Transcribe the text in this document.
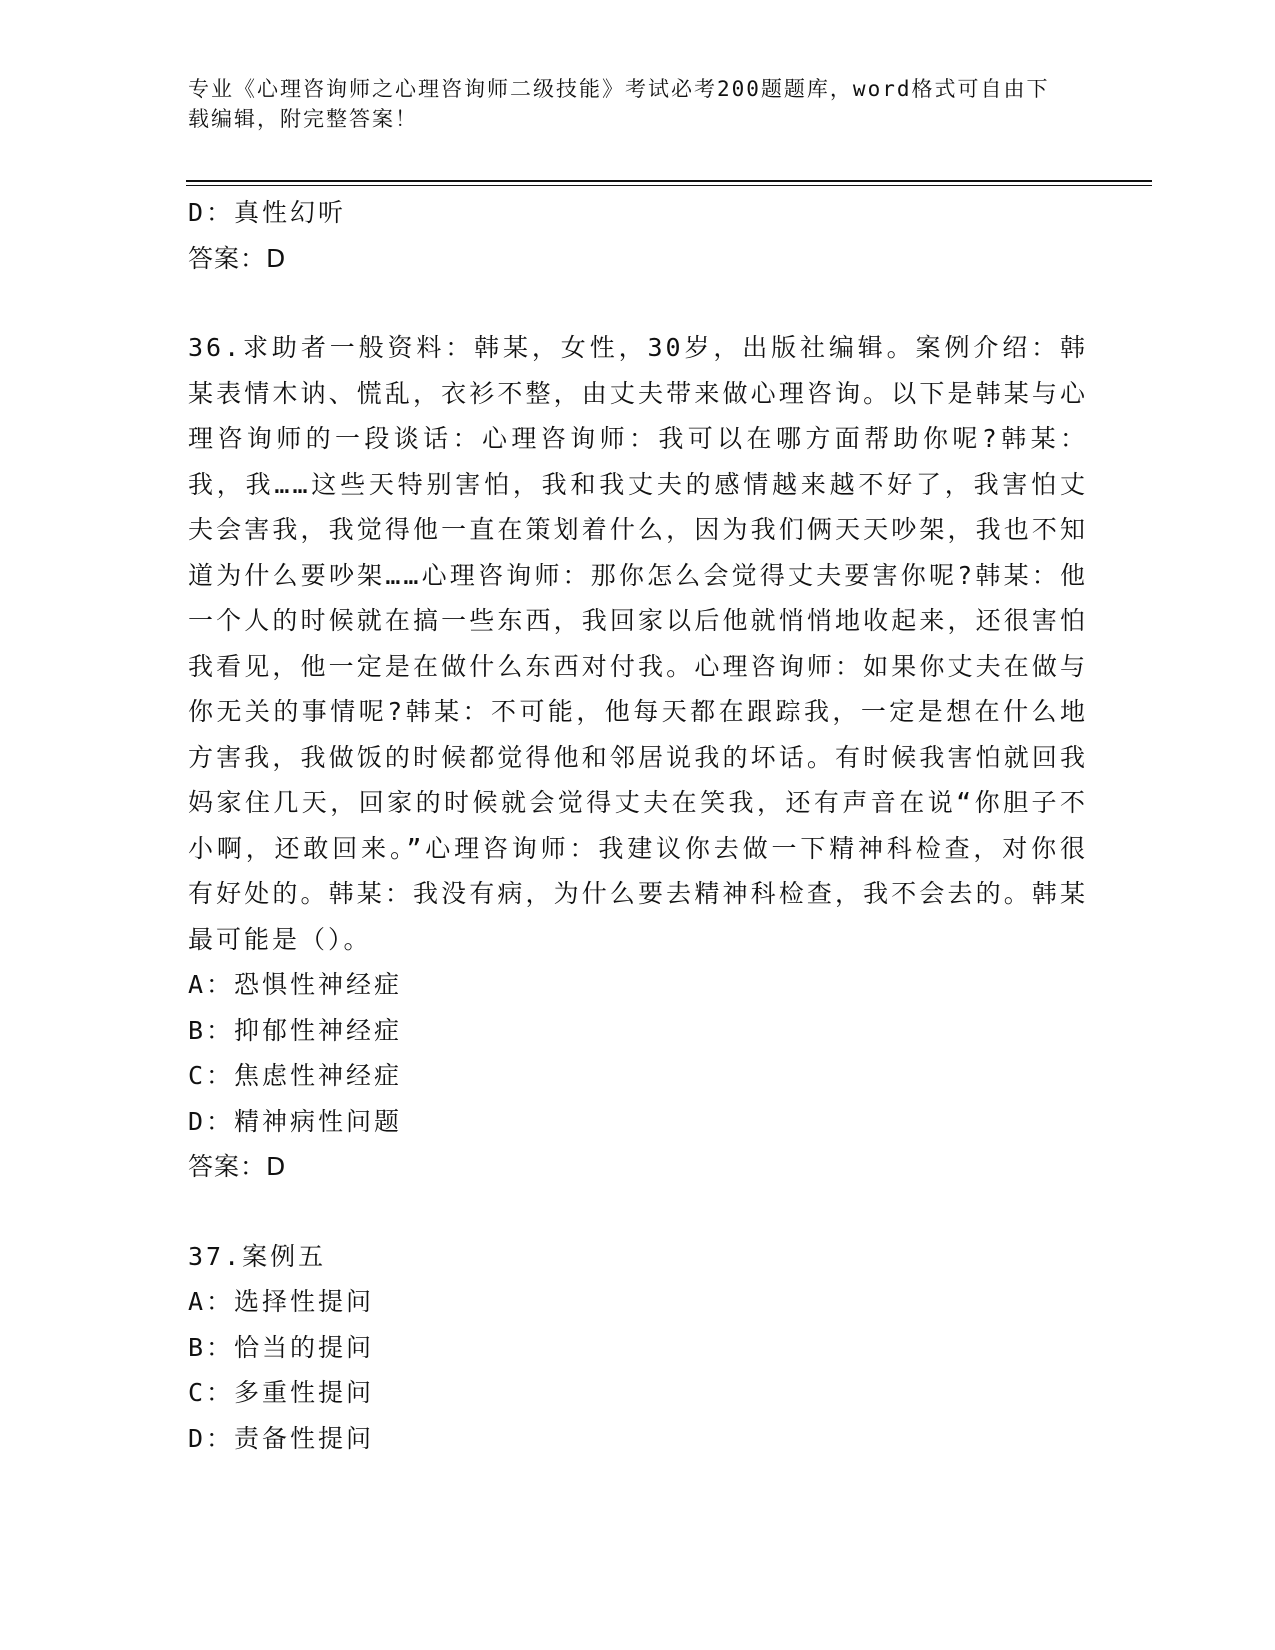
专业《心理咨询师之心理咨询师二级技能》考试必考200题题库，word格式可自由下载编辑，附完整答案！
D：真性幻听
答案：D
36.求助者一般资料：韩某，女性，30岁，出版社编辑。案例介绍：韩某表情木讷、慌乱，衣衫不整，由丈夫带来做心理咨询。以下是韩某与心理咨询师的一段谈话：心理咨询师：我可以在哪方面帮助你呢?韩某：我，我……这些天特别害怕，我和我丈夫的感情越来越不好了，我害怕丈夫会害我，我觉得他一直在策划着什么，因为我们俩天天吵架，我也不知道为什么要吵架……心理咨询师：那你怎么会觉得丈夫要害你呢?韩某：他一个人的时候就在搞一些东西，我回家以后他就悄悄地收起来，还很害怕我看见，他一定是在做什么东西对付我。心理咨询师：如果你丈夫在做与你无关的事情呢?韩某：不可能，他每天都在跟踪我，一定是想在什么地方害我，我做饭的时候都觉得他和邻居说我的坏话。有时候我害怕就回我妈家住几天，回家的时候就会觉得丈夫在笑我，还有声音在说“你胆子不小啊，还敢回来。”心理咨询师：我建议你去做一下精神科检查，对你很有好处的。韩某：我没有病，为什么要去精神科检查，我不会去的。韩某最可能是（）。
A：恐惧性神经症
B：抑郁性神经症
C：焦虑性神经症
D：精神病性问题
答案：D
37.案例五
A：选择性提问
B：恰当的提问
C：多重性提问
D：责备性提问
